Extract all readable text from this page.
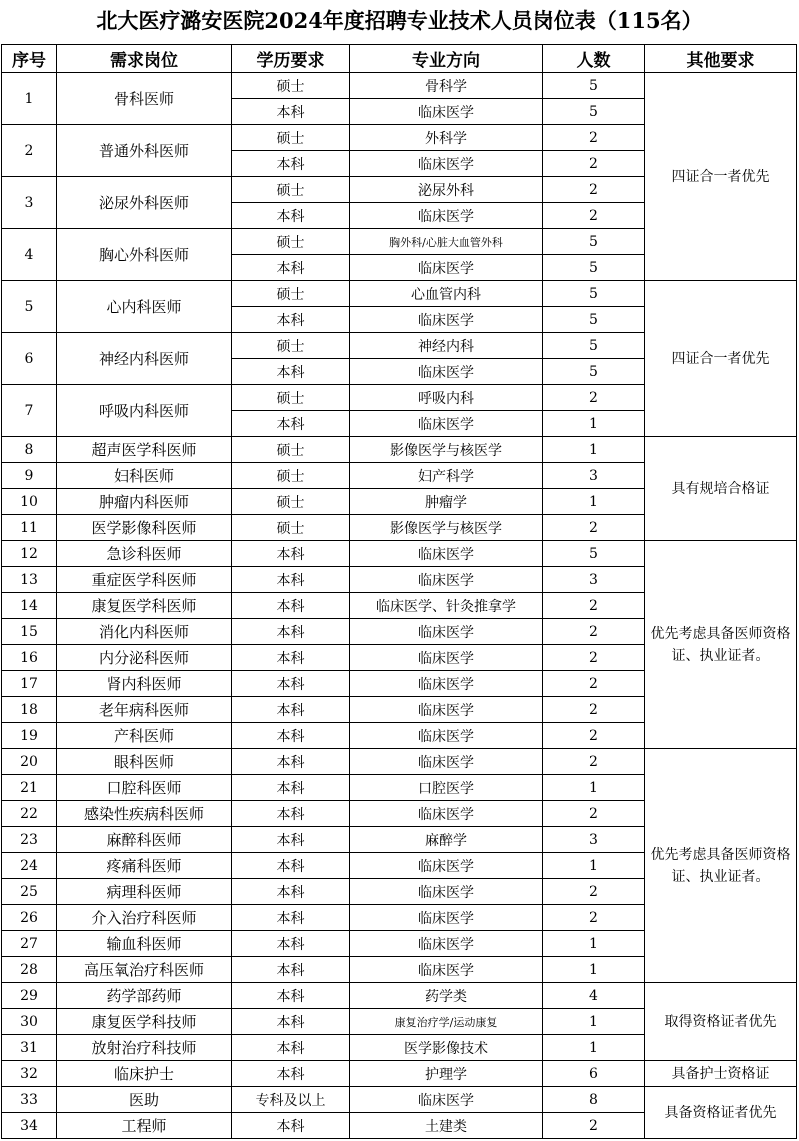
北大医疗潞安医院2024年度招聘专业技术人员岗位表（115名）
序号	需求岗位	学历要求	专业方向	人数	其他要求
1	骨科医师	硕士	骨科学	5	四证合一者优先
		本科	临床医学	5	
2	普通外科医师	硕士	外科学	2	
		本科	临床医学	2	
3	泌尿外科医师	硕士	泌尿外科	2	
		本科	临床医学	2	
4	胸心外科医师	硕士	胸外科/心脏大血管外科	5	
		本科	临床医学	5	
5	心内科医师	硕士	心血管内科	5	四证合一者优先
		本科	临床医学	5	
6	神经内科医师	硕士	神经内科	5	
		本科	临床医学	5	
7	呼吸内科医师	硕士	呼吸内科	2	
		本科	临床医学	1	
8	超声医学科医师	硕士	影像医学与核医学	1	具有规培合格证
9	妇科医师	硕士	妇产科学	3	
10	肿瘤内科医师	硕士	肿瘤学	1	
11	医学影像科医师	硕士	影像医学与核医学	2	
12	急诊科医师	本科	临床医学	5	优先考虑具备医师资格证、执业证者。
13	重症医学科医师	本科	临床医学	3	
14	康复医学科医师	本科	临床医学、针灸推拿学	2	
15	消化内科医师	本科	临床医学	2	
16	内分泌科医师	本科	临床医学	2	
17	肾内科医师	本科	临床医学	2	
18	老年病科医师	本科	临床医学	2	
19	产科医师	本科	临床医学	2	
20	眼科医师	本科	临床医学	2	优先考虑具备医师资格证、执业证者。
21	口腔科医师	本科	口腔医学	1	
22	感染性疾病科医师	本科	临床医学	2	
23	麻醉科医师	本科	麻醉学	3	
24	疼痛科医师	本科	临床医学	1	
25	病理科医师	本科	临床医学	2	
26	介入治疗科医师	本科	临床医学	2	
27	输血科医师	本科	临床医学	1	
28	高压氧治疗科医师	本科	临床医学	1	
29	药学部药师	本科	药学类	4	取得资格证者优先
30	康复医学科技师	本科	康复治疗学/运动康复	1	
31	放射治疗科技师	本科	医学影像技术	1	
32	临床护士	本科	护理学	6	具备护士资格证
33	医助	专科及以上	临床医学	8	具备资格证者优先
34	工程师	本科	土建类	2	
